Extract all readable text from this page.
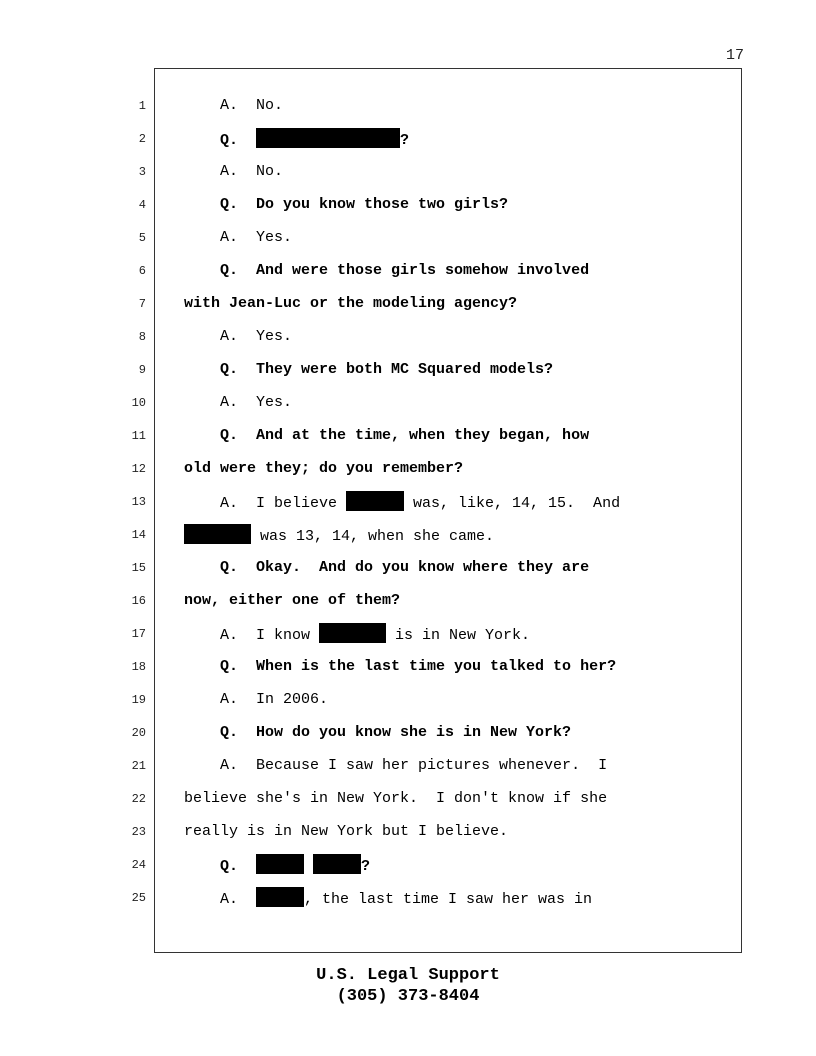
17
1	A.  No.
2	Q.	?
3	A.  No.
4	Q.  Do you know those two girls?
5	A.  Yes.
6	Q.  And were those girls somehow involved
7	with Jean-Luc or the modeling agency?
8	A.  Yes.
9	Q.  They were both MC Squared models?
10	A.  Yes.
11	Q.  And at the time, when they began, how
12	old were they; do you remember?
13	A.  I believe	was, like, 14, 15.  And
14	was 13, 14, when she came.
15	Q.  Okay.  And do you know where they are
16	now, either one of them?
17	A.  I know	is in New York.
18	Q.  When is the last time you talked to her?
19	A.  In 2006.
20	Q.  How do you know she is in New York?
21	A.  Because I saw her pictures whenever.  I
22	believe she's in New York.  I don't know if she
23	really is in New York but I believe.
24	Q.	?
25	A.	, the last time I saw her was in
U.S. Legal Support
(305) 373-8404
